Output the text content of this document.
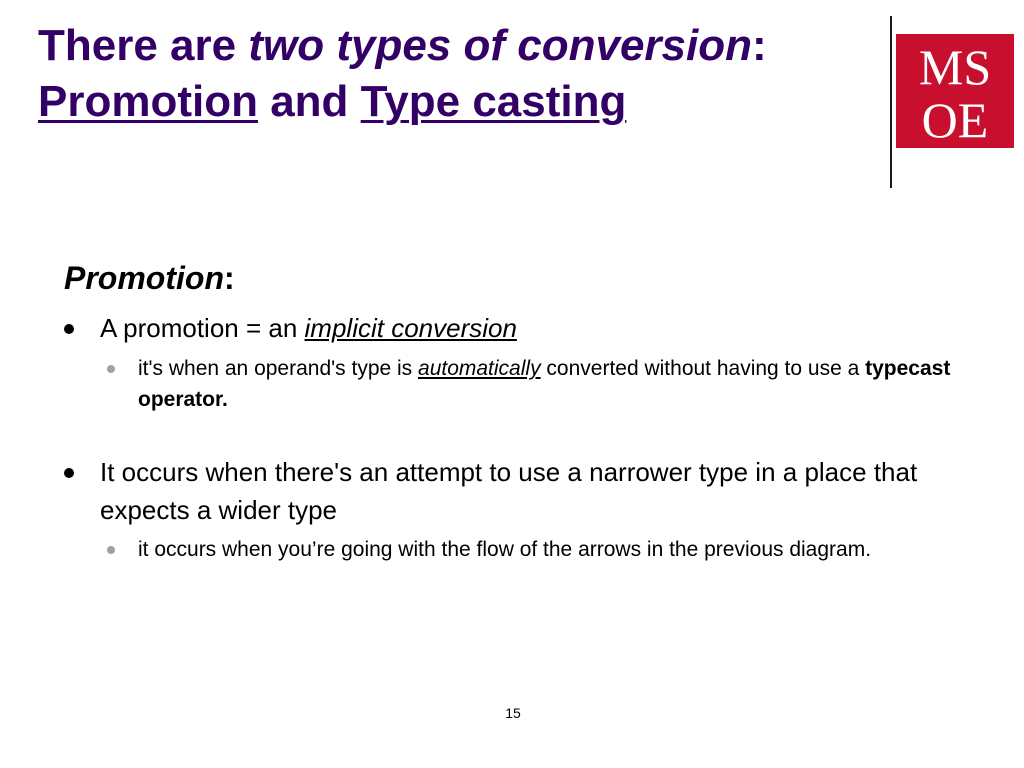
There are two types of conversion:
Promotion and Type casting
MS
OE
Promotion:
A promotion = an implicit conversion
it's when an operand's type is automatically converted without having to use a typecast operator.
It occurs when there's an attempt to use a narrower type in a place that expects a wider type
it occurs when you’re going with the flow of the arrows in the previous diagram.
15
